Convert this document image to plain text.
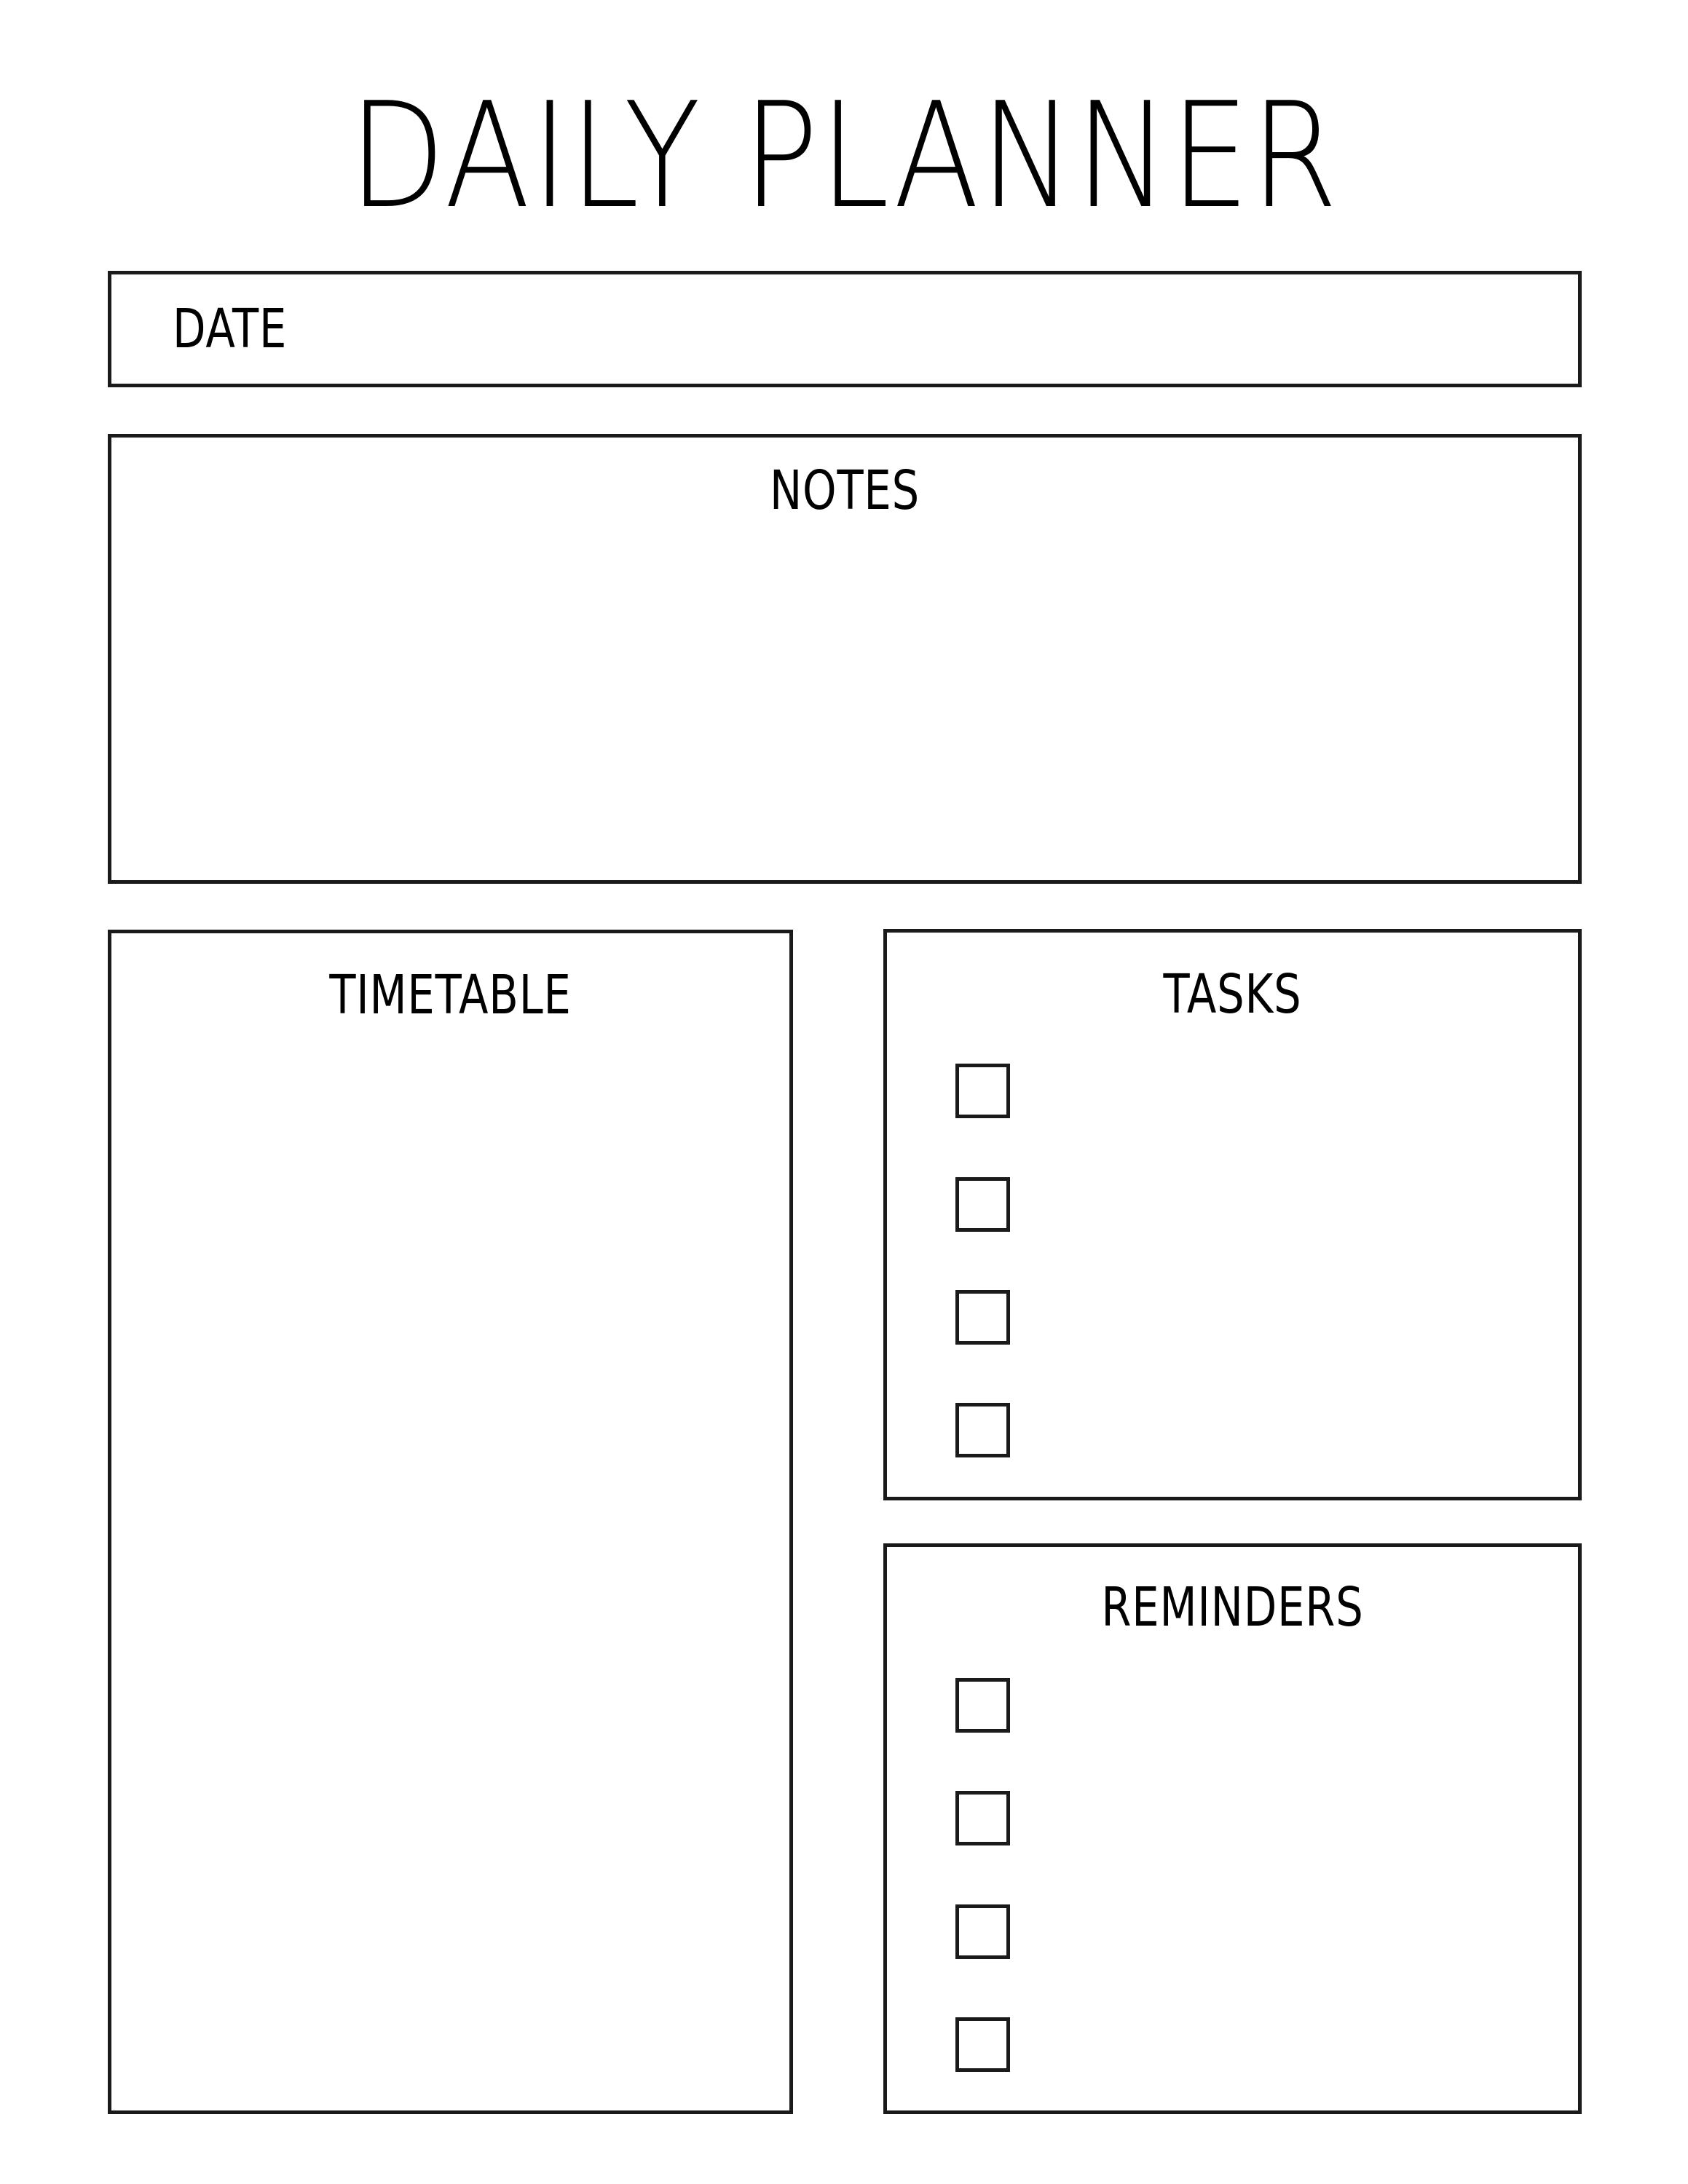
DAILY PLANNER
DATE
NOTES
TIMETABLE	TASKS
REMINDERS
